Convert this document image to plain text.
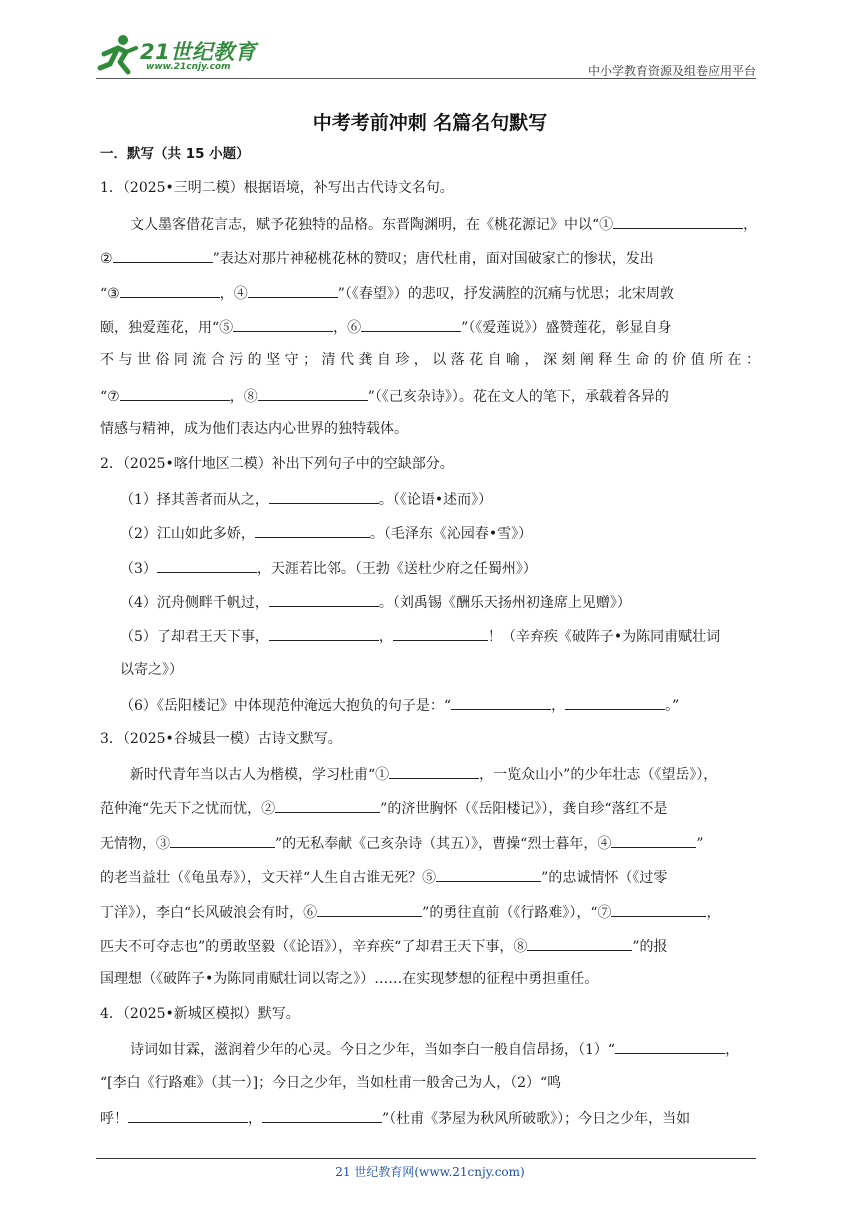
21世纪教育
www.21cnjy.com	中小学教育资源及组卷应用平台
中考考前冲刺 名篇名句默写
一．默写（共 15 小题）
1．（2025•三明二模）根据语境，补写出古代诗文名句。
文人墨客借花言志，赋予花独特的品格。东晋陶渊明，在《桃花源记》中以“①	，
②	”表达对那片神秘桃花林的赞叹；唐代杜甫，面对国破家亡的惨状，发出
“③	，④	”（《春望》）的悲叹，抒发满腔的沉痛与忧思；北宋周敦
颐，独爱莲花，用“⑤	，⑥	”（《爱莲说》）盛赞莲花，彰显自身
不与世俗同流合污的坚守；清代龚自珍，以落花自喻，深刻阐释生命的价值所在：
“⑦	，⑧	”（《己亥杂诗》）。花在文人的笔下，承载着各异的
情感与精神，成为他们表达内心世界的独特载体。
2．（2025•喀什地区二模）补出下列句子中的空缺部分。
（1）择其善者而从之，	。（《论语•述而》）
（2）江山如此多娇，	。（毛泽东《沁园春•雪》）
（3）	，天涯若比邻。（王勃《送杜少府之任蜀州》）
（4）沉舟侧畔千帆过，	。（刘禹锡《酬乐天扬州初逢席上见赠》）
（5）了却君王天下事，	，	！（辛弃疾《破阵子•为陈同甫赋壮词
以寄之》）
（6）《岳阳楼记》中体现范仲淹远大抱负的句子是：“	，	。”
3．（2025•谷城县一模）古诗文默写。
新时代青年当以古人为楷模，学习杜甫“①	，一览众山小”的少年壮志（《望岳》），
范仲淹“先天下之忧而忧，②	”的济世胸怀（《岳阳楼记》），龚自珍“落红不是
无情物，③	”的无私奉献《己亥杂诗（其五）》，曹操“烈士暮年，④	”
的老当益壮（《龟虽寿》），文天祥“人生自古谁无死？⑤	”的忠诚情怀（《过零
丁洋》），李白“长风破浪会有时，⑥	”的勇往直前（《行路难》），“⑦	，
匹夫不可夺志也”的勇敢坚毅（《论语》），辛弃疾“了却君王天下事，⑧	”的报
国理想（《破阵子•为陈同甫赋壮词以寄之》）……在实现梦想的征程中勇担重任。
4．（2025•新城区模拟）默写。
诗词如甘霖，滋润着少年的心灵。今日之少年，当如李白一般自信昂扬，（1）“	，
“[李白《行路难》（其一）]；今日之少年，当如杜甫一般舍己为人，（2）“鸣
呼！	，	”（杜甫《茅屋为秋风所破歌》）；今日之少年，当如
21 世纪教育网(www.21cnjy.com)
